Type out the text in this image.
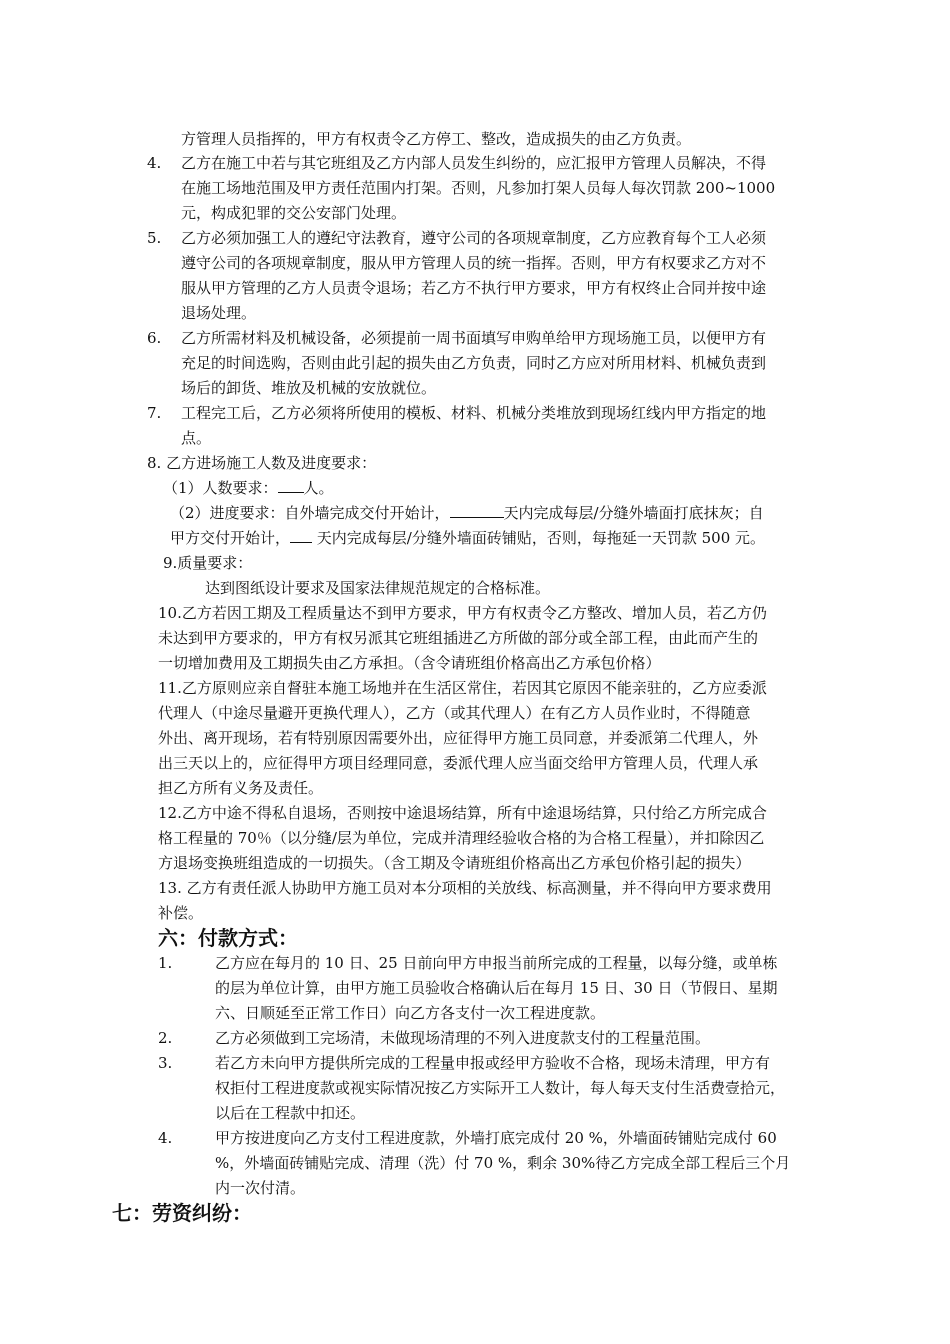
方管理人员指挥的，甲方有权责令乙方停工、整改，造成损失的由乙方负责。
4. 乙方在施工中若与其它班组及乙方内部人员发生纠纷的，应汇报甲方管理人员解决，不得
在施工场地范围及甲方责任范围内打架。否则，凡参加打架人员每人每次罚款 200~1000
元，构成犯罪的交公安部门处理。
5. 乙方必须加强工人的遵纪守法教育，遵守公司的各项规章制度，乙方应教育每个工人必须
遵守公司的各项规章制度，服从甲方管理人员的统一指挥。否则，甲方有权要求乙方对不
服从甲方管理的乙方人员责令退场；若乙方不执行甲方要求，甲方有权终止合同并按中途
退场处理。
6. 乙方所需材料及机械设备，必须提前一周书面填写申购单给甲方现场施工员，以便甲方有
充足的时间选购，否则由此引起的损失由乙方负责，同时乙方应对所用材料、机械负责到
场后的卸货、堆放及机械的安放就位。
7. 工程完工后，乙方必须将所使用的模板、材料、机械分类堆放到现场红线内甲方指定的地
点。
8. 乙方进场施工人数及进度要求：
（1）人数要求： 人。
（2）进度要求：自外墙完成交付开始计，	天内完成每层/分缝外墙面打底抹灰；自
甲方交付开始计， 天内完成每层/分缝外墙面砖铺贴，否则，每拖延一天罚款 500 元。
9.质量要求：
达到图纸设计要求及国家法律规范规定的合格标准。
10.乙方若因工期及工程质量达不到甲方要求，甲方有权责令乙方整改、增加人员，若乙方仍
未达到甲方要求的，甲方有权另派其它班组插进乙方所做的部分或全部工程，由此而产生的
一切增加费用及工期损失由乙方承担。（含令请班组价格高出乙方承包价格）
11.乙方原则应亲自督驻本施工场地并在生活区常住，若因其它原因不能亲驻的，乙方应委派
代理人（中途尽量避开更换代理人），乙方（或其代理人）在有乙方人员作业时，不得随意
外出、离开现场，若有特别原因需要外出，应征得甲方施工员同意，并委派第二代理人，外
出三天以上的，应征得甲方项目经理同意，委派代理人应当面交给甲方管理人员，代理人承
担乙方所有义务及责任。
12.乙方中途不得私自退场，否则按中途退场结算，所有中途退场结算，只付给乙方所完成合
格工程量的 70％（以分缝/层为单位，完成并清理经验收合格的为合格工程量），并扣除因乙
方退场变换班组造成的一切损失。（含工期及令请班组价格高出乙方承包价格引起的损失）
13. 乙方有责任派人协助甲方施工员对本分项相的关放线、标高测量，并不得向甲方要求费用
补偿。
六：付款方式：
1.	乙方应在每月的 10 日、25 日前向甲方申报当前所完成的工程量，以每分缝，或单栋
的层为单位计算，由甲方施工员验收合格确认后在每月 15 日、30 日（节假日、星期
六、日顺延至正常工作日）向乙方各支付一次工程进度款。
2.	乙方必须做到工完场清，未做现场清理的不列入进度款支付的工程量范围。
3.	若乙方未向甲方提供所完成的工程量申报或经甲方验收不合格，现场未清理，甲方有
权拒付工程进度款或视实际情况按乙方实际开工人数计，每人每天支付生活费壹拾元，
以后在工程款中扣还。
4.	甲方按进度向乙方支付工程进度款，外墙打底完成付 20 %，外墙面砖铺贴完成付 60
%，外墙面砖铺贴完成、清理（洗）付 70 %，剩余 30%待乙方完成全部工程后三个月
内一次付清。
七：劳资纠纷：
